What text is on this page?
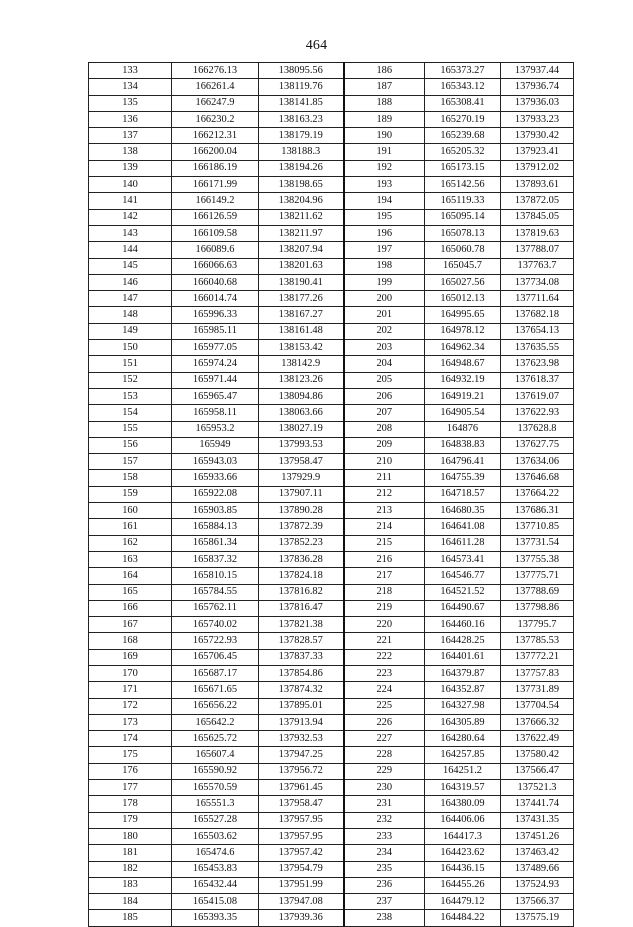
464
133	166276.13	138095.56	186	165373.27	137937.44
134	166261.4	138119.76	187	165343.12	137936.74
135	166247.9	138141.85	188	165308.41	137936.03
136	166230.2	138163.23	189	165270.19	137933.23
137	166212.31	138179.19	190	165239.68	137930.42
138	166200.04	138188.3	191	165205.32	137923.41
139	166186.19	138194.26	192	165173.15	137912.02
140	166171.99	138198.65	193	165142.56	137893.61
141	166149.2	138204.96	194	165119.33	137872.05
142	166126.59	138211.62	195	165095.14	137845.05
143	166109.58	138211.97	196	165078.13	137819.63
144	166089.6	138207.94	197	165060.78	137788.07
145	166066.63	138201.63	198	165045.7	137763.7
146	166040.68	138190.41	199	165027.56	137734.08
147	166014.74	138177.26	200	165012.13	137711.64
148	165996.33	138167.27	201	164995.65	137682.18
149	165985.11	138161.48	202	164978.12	137654.13
150	165977.05	138153.42	203	164962.34	137635.55
151	165974.24	138142.9	204	164948.67	137623.98
152	165971.44	138123.26	205	164932.19	137618.37
153	165965.47	138094.86	206	164919.21	137619.07
154	165958.11	138063.66	207	164905.54	137622.93
155	165953.2	138027.19	208	164876	137628.8
156	165949	137993.53	209	164838.83	137627.75
157	165943.03	137958.47	210	164796.41	137634.06
158	165933.66	137929.9	211	164755.39	137646.68
159	165922.08	137907.11	212	164718.57	137664.22
160	165903.85	137890.28	213	164680.35	137686.31
161	165884.13	137872.39	214	164641.08	137710.85
162	165861.34	137852.23	215	164611.28	137731.54
163	165837.32	137836.28	216	164573.41	137755.38
164	165810.15	137824.18	217	164546.77	137775.71
165	165784.55	137816.82	218	164521.52	137788.69
166	165762.11	137816.47	219	164490.67	137798.86
167	165740.02	137821.38	220	164460.16	137795.7
168	165722.93	137828.57	221	164428.25	137785.53
169	165706.45	137837.33	222	164401.61	137772.21
170	165687.17	137854.86	223	164379.87	137757.83
171	165671.65	137874.32	224	164352.87	137731.89
172	165656.22	137895.01	225	164327.98	137704.54
173	165642.2	137913.94	226	164305.89	137666.32
174	165625.72	137932.53	227	164280.64	137622.49
175	165607.4	137947.25	228	164257.85	137580.42
176	165590.92	137956.72	229	164251.2	137566.47
177	165570.59	137961.45	230	164319.57	137521.3
178	165551.3	137958.47	231	164380.09	137441.74
179	165527.28	137957.95	232	164406.06	137431.35
180	165503.62	137957.95	233	164417.3	137451.26
181	165474.6	137957.42	234	164423.62	137463.42
182	165453.83	137954.79	235	164436.15	137489.66
183	165432.44	137951.99	236	164455.26	137524.93
184	165415.08	137947.08	237	164479.12	137566.37
185	165393.35	137939.36	238	164484.22	137575.19
